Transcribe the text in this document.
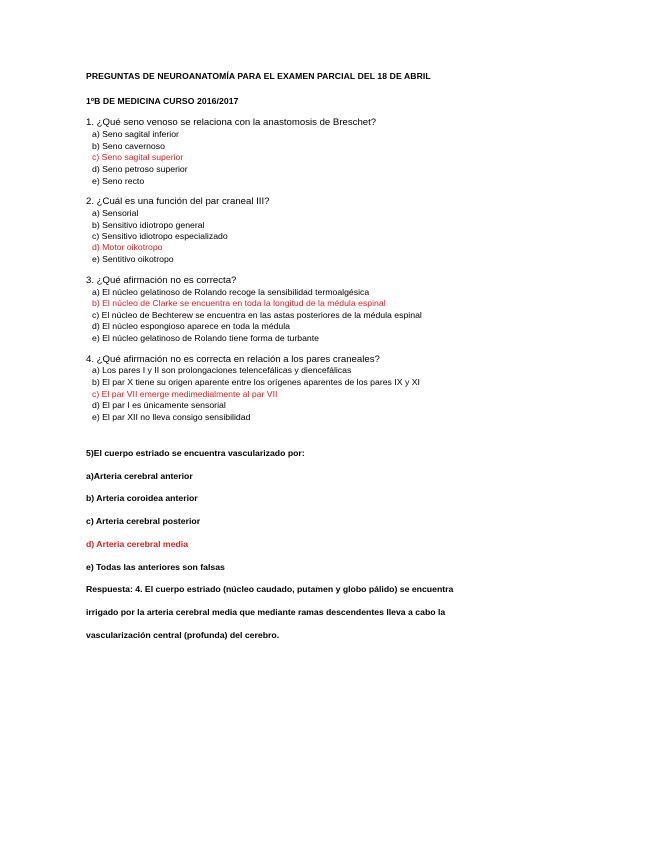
PREGUNTAS DE NEUROANATOMÍA PARA EL EXAMEN PARCIAL DEL 18 DE ABRIL
1ºB DE MEDICINA CURSO 2016/2017
1. ¿Qué seno venoso se relaciona con la anastomosis de Breschet?
a) Seno sagital inferior
b) Seno cavernoso
c) Seno sagital superior
d) Seno petroso superior
e) Seno recto
2. ¿Cuál es una función del par craneal III?
a) Sensorial
b) Sensitivo idiotropo general
c) Sensitivo idiotropo especializado
d) Motor oikotropo
e) Sentitivo oikotropo
3. ¿Qué afirmación no es correcta?
a) El núcleo gelatinoso de Rolando recoge la sensibilidad termoalgésica
b) El núcleo de Clarke se encuentra en toda la longitud de la médula espinal
c) El núcleo de Bechterew se encuentra en las astas posteriores de la médula espinal
d) El núcleo espongioso aparece en toda la médula
e) El núcleo gelatinoso de Rolando tiene forma de turbante
4. ¿Qué afirmación no es correcta en relación a los pares craneales?
a) Los pares I y II son prolongaciones telencefálicas y diencefálicas
b) El par X tiene su origen aparente entre los orígenes aparentes de los pares IX y XI
c) El par VII emerge medimedialmente al par VII
d) El par I es únicamente sensorial
e) El par XII no lleva consigo sensibilidad
5)El cuerpo estriado se encuentra vascularizado por:
a)Arteria cerebral anterior
b) Arteria coroidea anterior
c) Arteria cerebral posterior
d) Arteria cerebral media
e) Todas las anteriores son falsas
Respuesta: 4. El cuerpo estriado (núcleo caudado, putamen y globo pálido) se encuentra
irrigado por la arteria cerebral media que mediante ramas descendentes lleva a cabo la
vascularización central (profunda) del cerebro.
